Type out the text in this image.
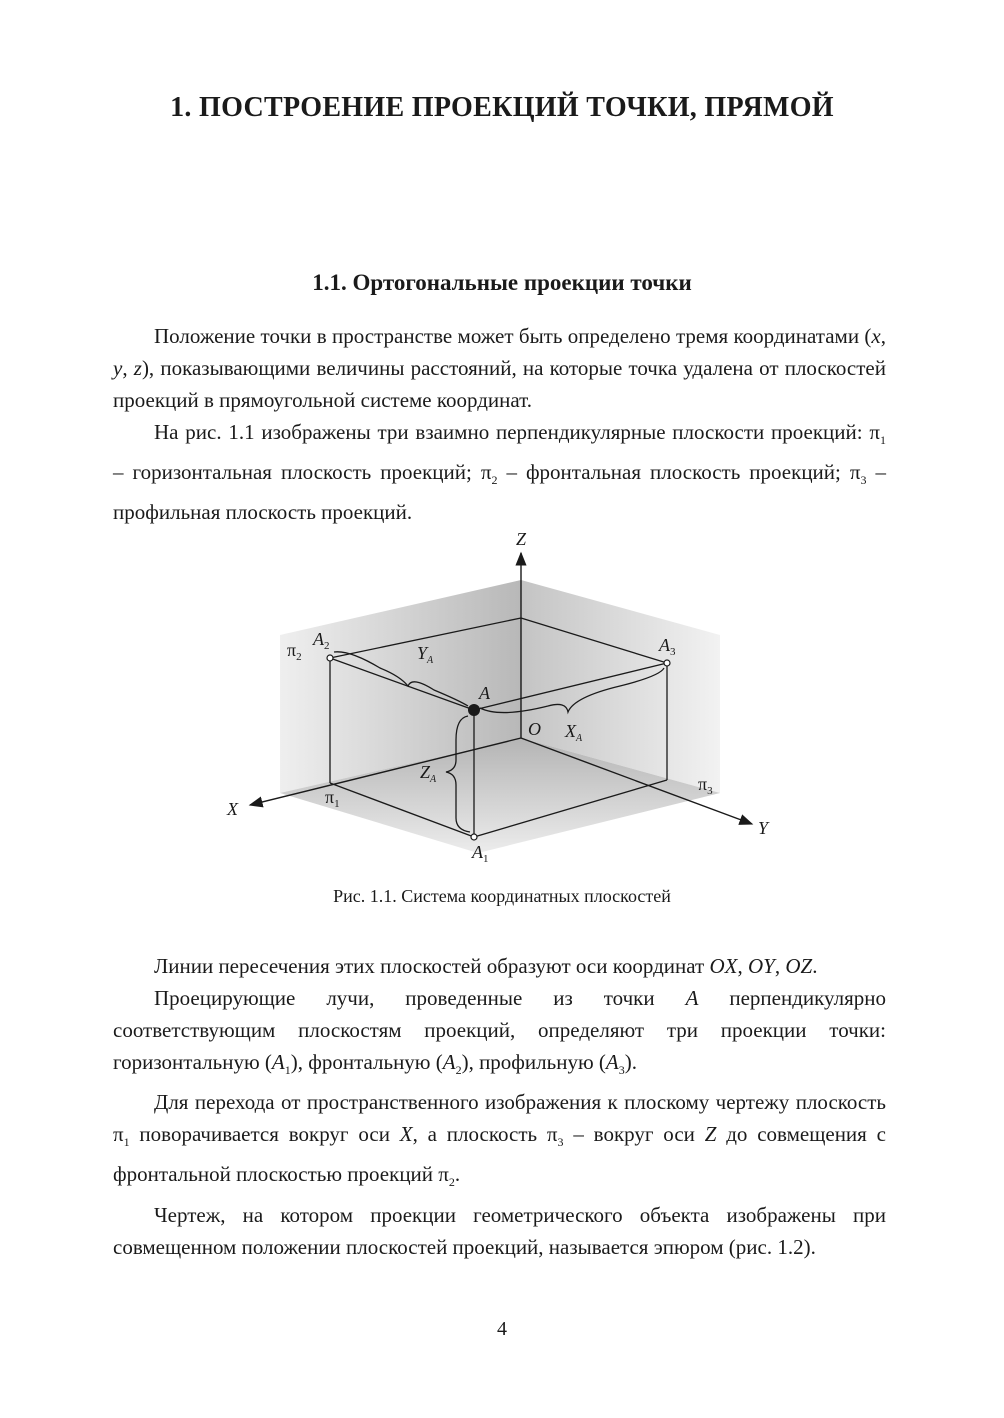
1. ПОСТРОЕНИЕ ПРОЕКЦИЙ ТОЧКИ, ПРЯМОЙ
1.1. Ортогональные проекции точки

Положение точки в пространстве может быть определено тремя координатами (x, y, z), показывающими величины расстояний, на которые точка удалена от плоскостей проекций в прямоугольной системе координат.

На рис. 1.1 изображены три взаимно перпендикулярные плоскости проекций: $\pi_1$ – горизонтальная плоскость проекций; $\pi_2$ – фронтальная плоскость проекций; $\pi_3$ – профильная плоскость проекций.

Z
X
Y
O
A
$\pi_2$
$A_2$	$A_3$
$\pi_1$
$\pi_3$
$A_1$
$Y_A$
$X_A$
$Z_A$

Рис. 1.1. Система координатных плоскостей

Линии пересечения этих плоскостей образуют оси координат OX, OY, OZ.

Проецирующие лучи, проведенные из точки A перпендикулярно соответствующим плоскостям проекций, определяют три проекции точки: горизонтальную $(A_1)$, фронтальную $(A_2)$, профильную $(A_3)$.

Для перехода от пространственного изображения к плоскому чертежу плоскость $\pi_1$ поворачивается вокруг оси X, а плоскость $\pi_3$ – вокруг оси Z до совмещения с фронтальной плоскостью проекций $\pi_2$.

Чертеж, на котором проекции геометрического объекта изображены при совмещенном положении плоскостей проекций, называется эпюром (рис. 1.2).

4
